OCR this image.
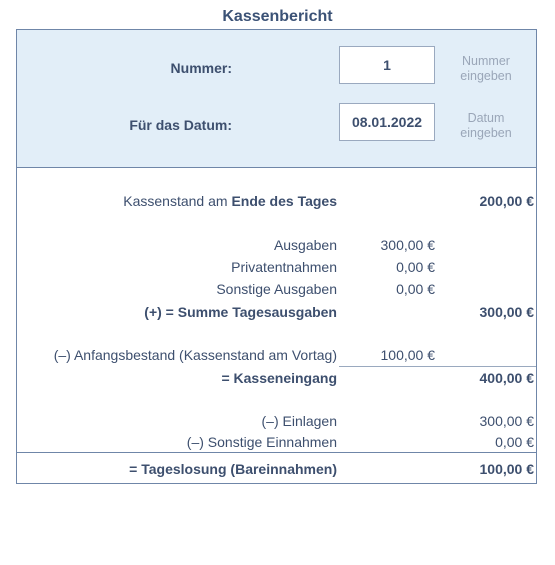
Kassenbericht
Nummer:	1	Nummer
eingeben
Für das Datum:	08.01.2022	Datum
eingeben
Kassenstand am Ende des Tages	200,00 €
Ausgaben	300,00 €
Privatentnahmen	0,00 €
Sonstige Ausgaben	0,00 €
(+) = Summe Tagesausgaben	300,00 €
(–) Anfangsbestand (Kassenstand am Vortag)	100,00 €
= Kasseneingang	400,00 €
(–) Einlagen	300,00 €
(–) Sonstige Einnahmen	0,00 €
= Tageslosung (Bareinnahmen)	100,00 €
